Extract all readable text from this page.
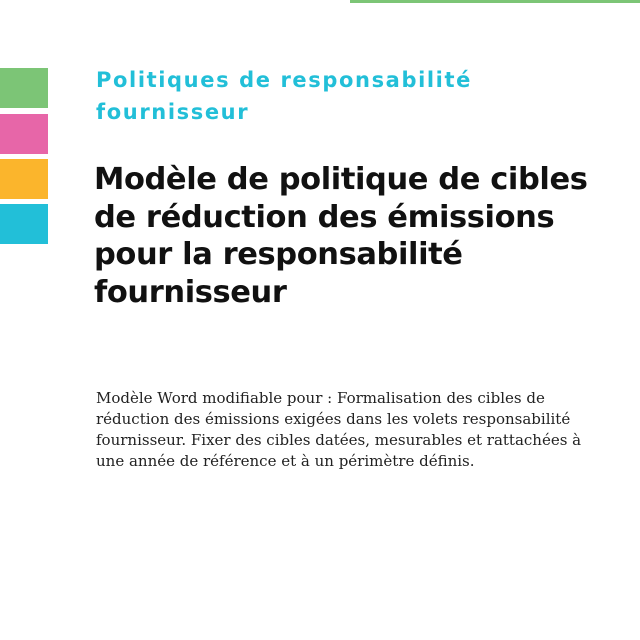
Politiques de responsabilité fournisseur
Modèle de politique de cibles de réduction des émissions pour la responsabilité fournisseur

Modèle Word modifiable pour : Formalisation des cibles de réduction des émissions exigées dans les volets responsabilité fournisseur. Fixer des cibles datées, mesurables et rattachées à une année de référence et à un périmètre définis.
